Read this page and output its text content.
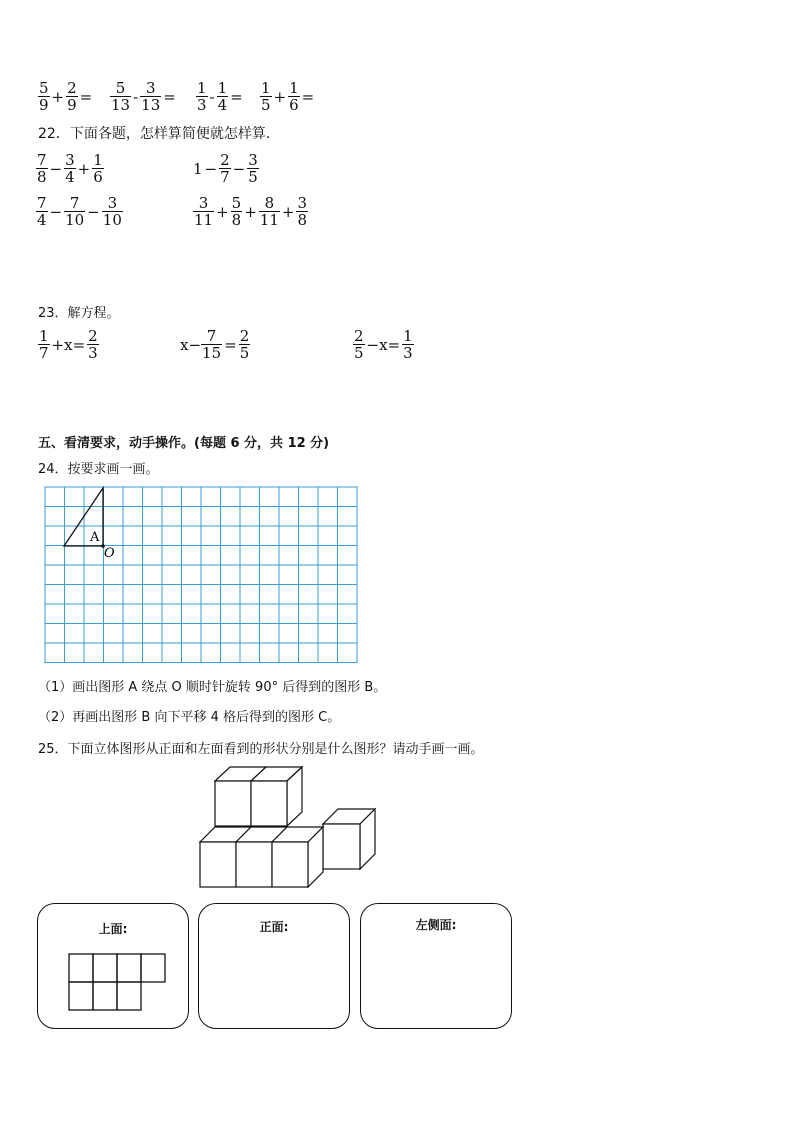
$\frac{5}{9} + \frac{2}{9} = \frac{5}{13} - \frac{3}{13} = \frac{1}{3} - \frac{1}{4} = \frac{1}{5} + \frac{1}{6}$ =
22．下面各题，怎样算简便就怎样算.
$\frac{7}{8} - \frac{3}{4} + \frac{1}{6}$	$1 - \frac{2}{7} - \frac{3}{5}$
$\frac{7}{4} - \frac{7}{10} - \frac{3}{10}$	$\frac{3}{11} + \frac{5}{8} + \frac{8}{11} + \frac{3}{8}$
23．解方程。
$\frac{1}{7} +x= \frac{2}{3}$	$x- \frac{7}{15} = \frac{2}{5}$	$\frac{2}{5} -x= \frac{1}{3}$
五、看清要求，动手操作。(每题 6 分，共 12 分)
24．按要求画一画。
A
O
（1）画出图形 A 绕点 O 顺时针旋转 90° 后得到的图形 B。
（2）再画出图形 B 向下平移 4 格后得到的图形 C。
25．下面立体图形从正面和左面看到的形状分别是什么图形？请动手画一画。
上面:	正面:	左侧面:
